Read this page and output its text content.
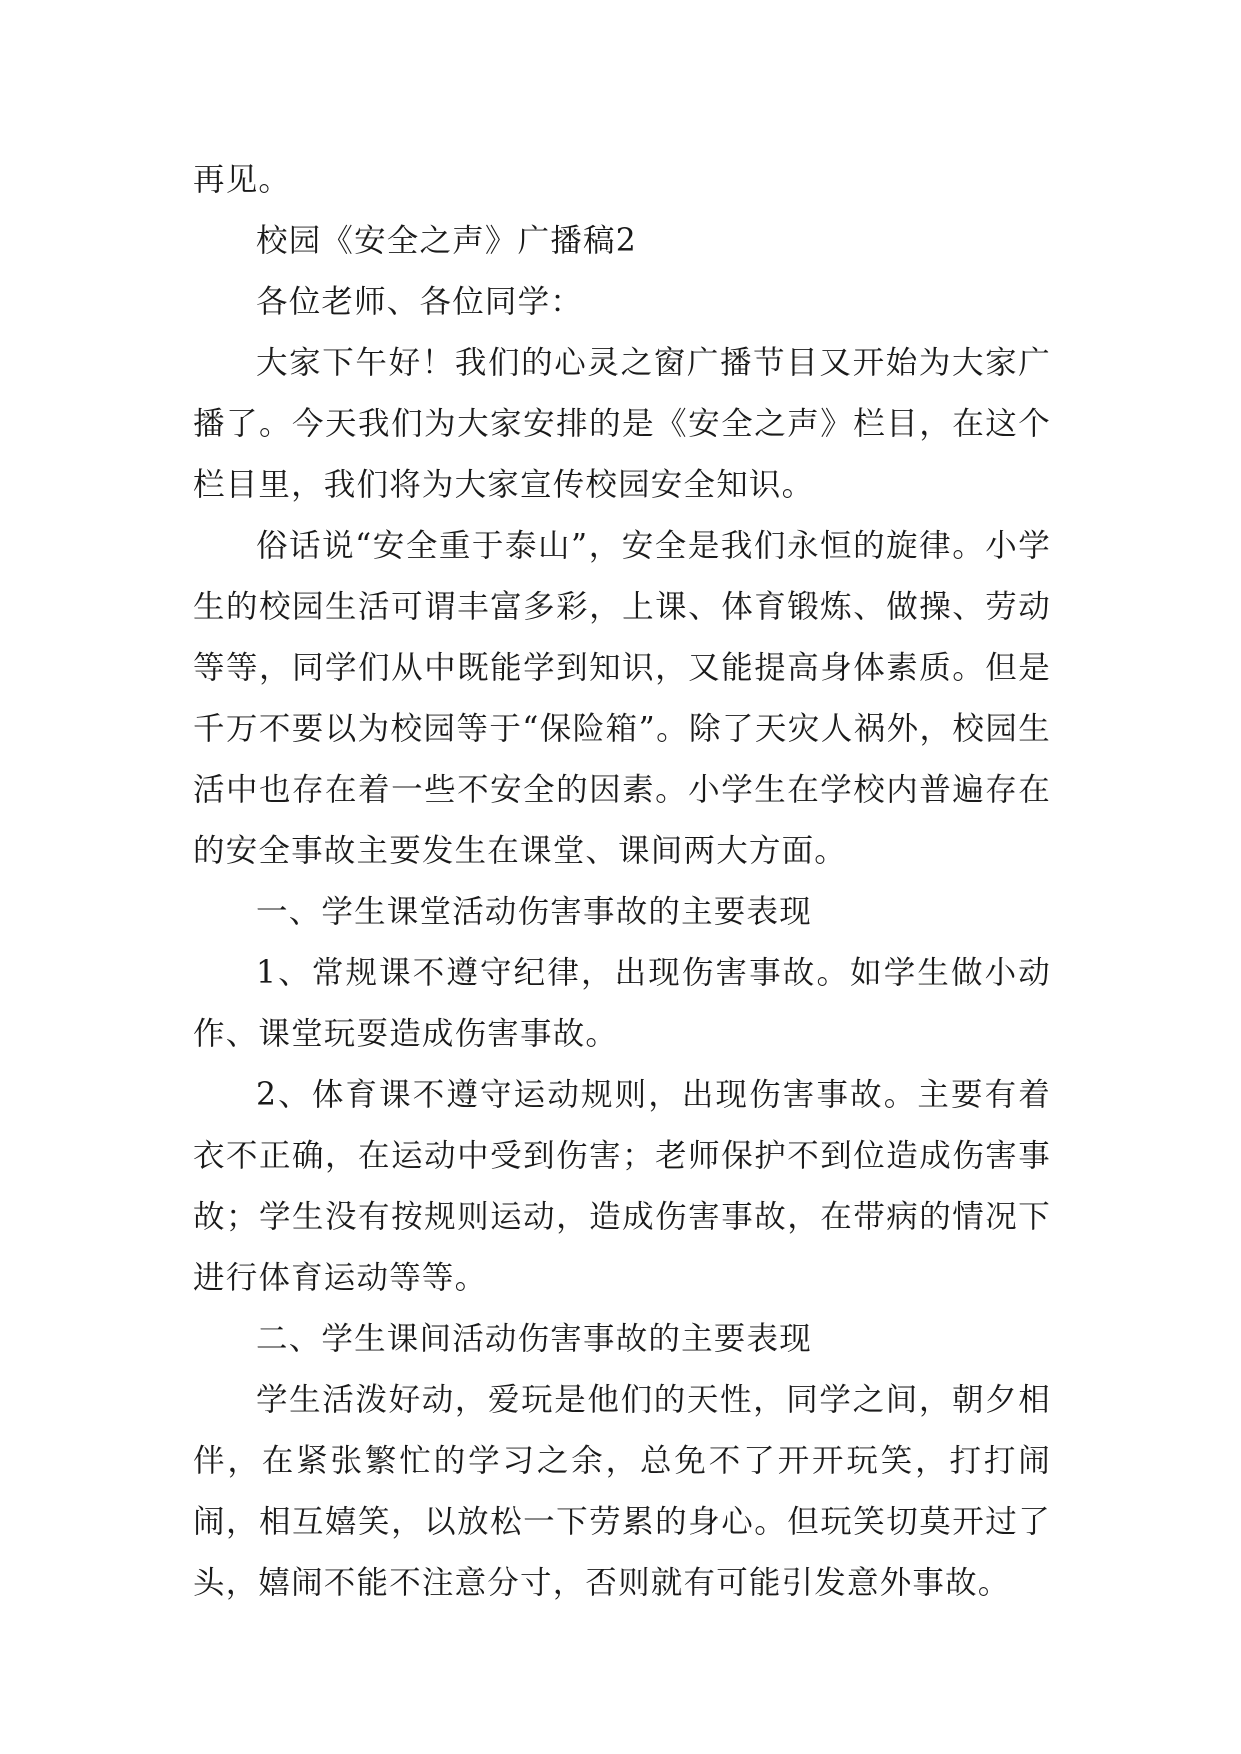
再见。

校园《安全之声》广播稿2

各位老师、各位同学：

大家下午好！我们的心灵之窗广播节目又开始为大家广播了。今天我们为大家安排的是《安全之声》栏目，在这个栏目里，我们将为大家宣传校园安全知识。

俗话说“安全重于泰山”，安全是我们永恒的旋律。小学生的校园生活可谓丰富多彩，上课、体育锻炼、做操、劳动等等，同学们从中既能学到知识，又能提高身体素质。但是千万不要以为校园等于“保险箱”。除了天灾人祸外，校园生活中也存在着一些不安全的因素。小学生在学校内普遍存在的安全事故主要发生在课堂、课间两大方面。

一、学生课堂活动伤害事故的主要表现

1、常规课不遵守纪律，出现伤害事故。如学生做小动作、课堂玩耍造成伤害事故。

2、体育课不遵守运动规则，出现伤害事故。主要有着衣不正确，在运动中受到伤害；老师保护不到位造成伤害事故；学生没有按规则运动，造成伤害事故，在带病的情况下进行体育运动等等。

二、学生课间活动伤害事故的主要表现

学生活泼好动，爱玩是他们的天性，同学之间，朝夕相伴，在紧张繁忙的学习之余，总免不了开开玩笑，打打闹闹，相互嬉笑，以放松一下劳累的身心。但玩笑切莫开过了头，嬉闹不能不注意分寸，否则就有可能引发意外事故。
